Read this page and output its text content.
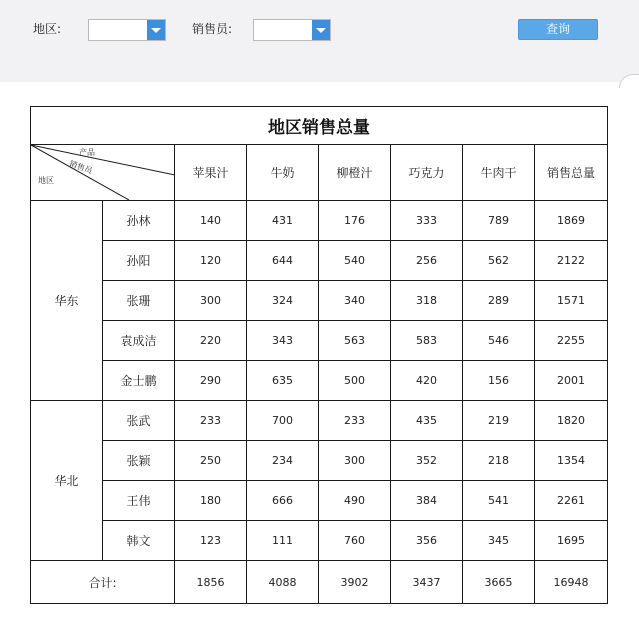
地区:	销售员:	查询
地区销售总量							

产品
销售员
地区		苹果汁	牛奶	柳橙汁	巧克力	牛肉干	销售总量
华东	孙林	140	431	176	333	789	1869
	孙阳	120	644	540	256	562	2122
	张珊	300	324	340	318	289	1571
	袁成洁	220	343	563	583	546	2255
	金士鹏	290	635	500	420	156	2001
华北	张武	233	700	233	435	219	1820
	张颖	250	234	300	352	218	1354
	王伟	180	666	490	384	541	2261
	韩文	123	111	760	356	345	1695
合计:		1856	4088	3902	3437	3665	16948
